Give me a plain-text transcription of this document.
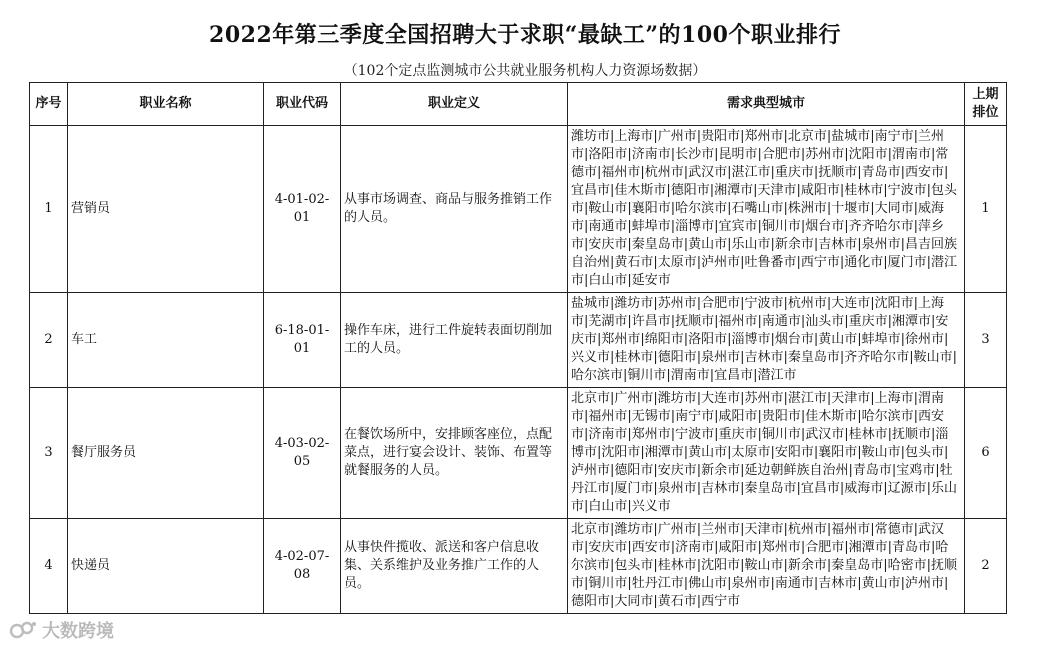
2022年第三季度全国招聘大于求职“最缺工”的100个职业排行
（102个定点监测城市公共就业服务机构人力资源场数据）
序号	职业名称	职业代码	职业定义	需求典型城市	上期
排位

1	营销员	4-01-02-01	从事市场调查、商品与服务推销工作的人员。	潍坊市|上海市|广州市|贵阳市|郑州市|北京市|盐城市|南宁市|兰州市|洛阳市|济南市|长沙市|昆明市|合肥市|苏州市|沈阳市|渭南市|常德市|福州市|杭州市|武汉市|湛江市|重庆市|抚顺市|青岛市|西安市|宜昌市|佳木斯市|德阳市|湘潭市|天津市|咸阳市|桂林市|宁波市|包头市|鞍山市|襄阳市|哈尔滨市|石嘴山市|株洲市|十堰市|大同市|威海市|南通市|蚌埠市|淄博市|宜宾市|铜川市|烟台市|齐齐哈尔市|萍乡市|安庆市|秦皇岛市|黄山市|乐山市|新余市|吉林市|泉州市|昌吉回族自治州|黄石市|太原市|泸州市|吐鲁番市|西宁市|通化市|厦门市|潜江市|白山市|延安市	1
2	车工	6-18-01-01	操作车床，进行工件旋转表面切削加工的人员。	盐城市|潍坊市|苏州市|合肥市|宁波市|杭州市|大连市|沈阳市|上海市|芜湖市|许昌市|抚顺市|福州市|南通市|汕头市|重庆市|湘潭市|安庆市|郑州市|绵阳市|洛阳市|淄博市|烟台市|黄山市|蚌埠市|徐州市|兴义市|桂林市|德阳市|泉州市|吉林市|秦皇岛市|齐齐哈尔市|鞍山市|哈尔滨市|铜川市|渭南市|宜昌市|潜江市	3
3	餐厅服务员	4-03-02-05	在餐饮场所中，安排顾客座位，点配菜点，进行宴会设计、装饰、布置等就餐服务的人员。	北京市|广州市|潍坊市|大连市|苏州市|湛江市|天津市|上海市|渭南市|福州市|无锡市|南宁市|咸阳市|贵阳市|佳木斯市|哈尔滨市|西安市|济南市|郑州市|宁波市|重庆市|铜川市|武汉市|桂林市|抚顺市|淄博市|沈阳市|湘潭市|黄山市|太原市|安阳市|襄阳市|鞍山市|包头市|泸州市|德阳市|安庆市|新余市|延边朝鲜族自治州|青岛市|宝鸡市|牡丹江市|厦门市|泉州市|吉林市|秦皇岛市|宜昌市|威海市|辽源市|乐山市|白山市|兴义市	6
4	快递员	4-02-07-08	从事快件揽收、派送和客户信息收集、关系维护及业务推广工作的人员。	北京市|潍坊市|广州市|兰州市|天津市|杭州市|福州市|常德市|武汉市|安庆市|西安市|济南市|咸阳市|郑州市|合肥市|湘潭市|青岛市|哈尔滨市|包头市|桂林市|沈阳市|鞍山市|新余市|秦皇岛市|哈密市|抚顺市|铜川市|牡丹江市|佛山市|泉州市|南通市|吉林市|黄山市|泸州市|德阳市|大同市|黄石市|西宁市	2
大数跨境
